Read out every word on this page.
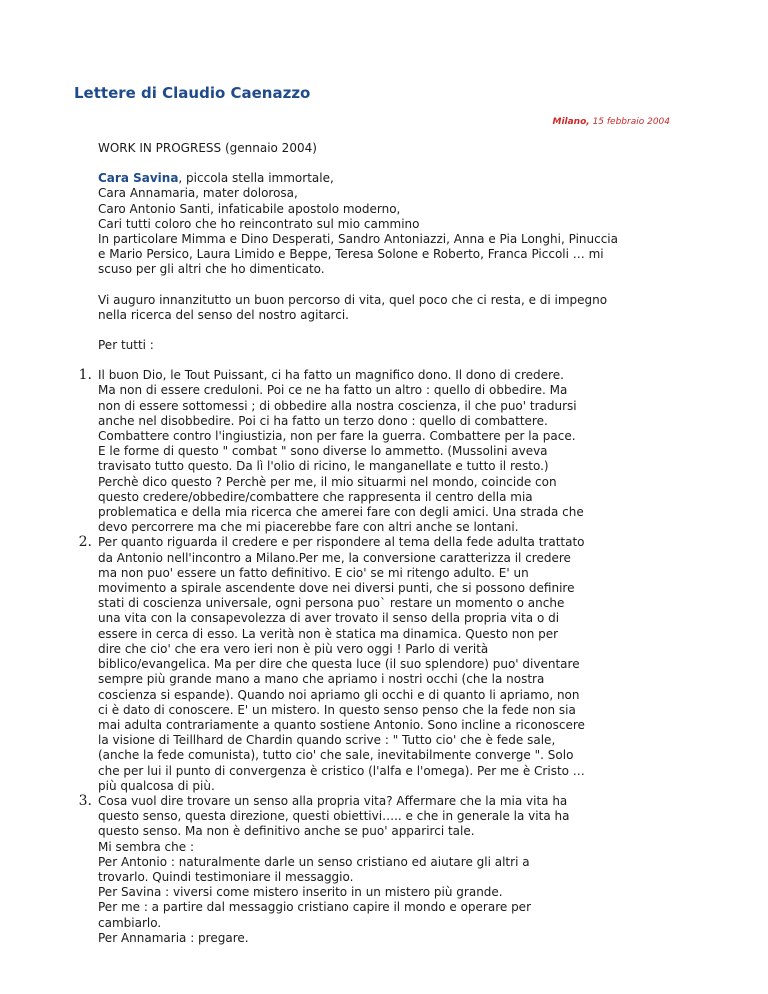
Lettere di Claudio Caenazzo
Milano, 15 febbraio 2004

WORK IN PROGRESS (gennaio 2004)

Cara Savina, piccola stella immortale,
Cara Annamaria, mater dolorosa,
Caro Antonio Santi, infaticabile apostolo moderno,
Cari tutti coloro che ho reincontrato sul mio cammino
In particolare Mimma e Dino Desperati, Sandro Antoniazzi, Anna e Pia Longhi, Pinuccia
e Mario Persico, Laura Limido e Beppe, Teresa Solone e Roberto, Franca Piccoli … mi
scuso per gli altri che ho dimenticato.

Vi auguro innanzitutto un buon percorso di vita, quel poco che ci resta, e di impegno
nella ricerca del senso del nostro agitarci.

Per tutti :

1. Il buon Dio, le Tout Puissant, ci ha fatto un magnifico dono. Il dono di credere.
Ma non di essere creduloni. Poi ce ne ha fatto un altro : quello di obbedire. Ma
non di essere sottomessi ; di obbedire alla nostra coscienza, il che puo' tradursi
anche nel disobbedire. Poi ci ha fatto un terzo dono : quello di combattere.
Combattere contro l'ingiustizia, non per fare la guerra. Combattere per la pace.
E le forme di questo " combat " sono diverse lo ammetto. (Mussolini aveva
travisato tutto questo. Da lì l'olio di ricino, le manganellate e tutto il resto.)
Perchè dico questo ? Perchè per me, il mio situarmi nel mondo, coincide con
questo credere/obbedire/combattere che rappresenta il centro della mia
problematica e della mia ricerca che amerei fare con degli amici. Una strada che
devo percorrere ma che mi piacerebbe fare con altri anche se lontani.
2. Per quanto riguarda il credere e per rispondere al tema della fede adulta trattato
da Antonio nell'incontro a Milano.Per me, la conversione caratterizza il credere
ma non puo' essere un fatto definitivo. E cio' se mi ritengo adulto. E' un
movimento a spirale ascendente dove nei diversi punti, che si possono definire
stati di coscienza universale, ogni persona puo` restare un momento o anche
una vita con la consapevolezza di aver trovato il senso della propria vita o di
essere in cerca di esso. La verità non è statica ma dinamica. Questo non per
dire che cio' che era vero ieri non è più vero oggi ! Parlo di verità
biblico/evangelica. Ma per dire che questa luce (il suo splendore) puo' diventare
sempre più grande mano a mano che apriamo i nostri occhi (che la nostra
coscienza si espande). Quando noi apriamo gli occhi e di quanto li apriamo, non
ci è dato di conoscere. E' un mistero. In questo senso penso che la fede non sia
mai adulta contrariamente a quanto sostiene Antonio. Sono incline a riconoscere
la visione di Teillhard de Chardin quando scrive : " Tutto cio' che è fede sale,
(anche la fede comunista), tutto cio' che sale, inevitabilmente converge ". Solo
che per lui il punto di convergenza è cristico (l'alfa e l'omega). Per me è Cristo …
più qualcosa di più.
3. Cosa vuol dire trovare un senso alla propria vita? Affermare che la mia vita ha
questo senso, questa direzione, questi obiettivi….. e che in generale la vita ha
questo senso. Ma non è definitivo anche se puo' apparirci tale.
Mi sembra che :
Per Antonio : naturalmente darle un senso cristiano ed aiutare gli altri a
trovarlo. Quindi testimoniare il messaggio.
Per Savina : viversi come mistero inserito in un mistero più grande.
Per me : a partire dal messaggio cristiano capire il mondo e operare per
cambiarlo.
Per Annamaria : pregare.
